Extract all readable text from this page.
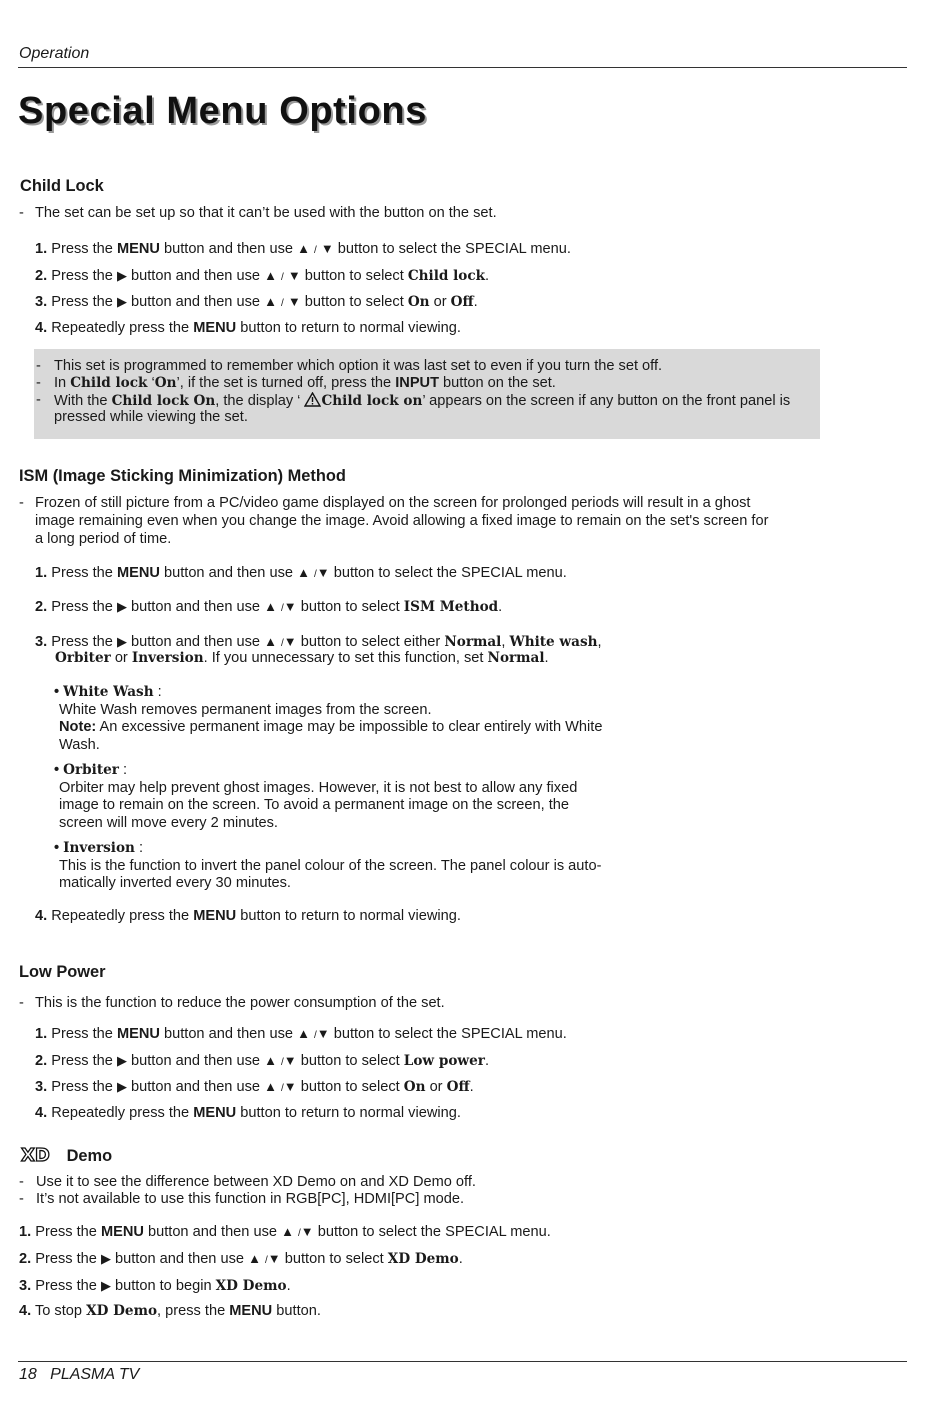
Operation
Special Menu Options
Child Lock
- The set can be set up so that it can’t be used with the button on the set.
1. Press the MENU button and then use ▲ / ▼ button to select the SPECIAL menu.
2. Press the ▶ button and then use ▲ / ▼ button to select Child lock.
3. Press the ▶ button and then use ▲ / ▼ button to select On or Off.
4. Repeatedly press the MENU button to return to normal viewing.
- This set is programmed to remember which option it was last set to even if you turn the set off.
- In Child lock ‘On’, if the set is turned off, press the INPUT button on the set.
- With the Child lock On, the display ‘ Child lock on’ appears on the screen if any button on the front panel is
pressed while viewing the set.
ISM (Image Sticking Minimization) Method
- Frozen of still picture from a PC/video game displayed on the screen for prolonged periods will result in a ghost
image remaining even when you change the image. Avoid allowing a fixed image to remain on the set's screen for
a long period of time.
1. Press the MENU button and then use ▲ /▼ button to select the SPECIAL menu.
2. Press the ▶ button and then use ▲ /▼ button to select ISM Method.
3. Press the ▶ button and then use ▲ /▼ button to select either Normal, White wash,
Orbiter or Inversion. If you unnecessary to set this function, set Normal.
• White Wash :
White Wash removes permanent images from the screen.
Note: An excessive permanent image may be impossible to clear entirely with White
Wash.
• Orbiter :
Orbiter may help prevent ghost images. However, it is not best to allow any fixed
image to remain on the screen. To avoid a permanent image on the screen, the
screen will move every 2 minutes.
• Inversion :
This is the function to invert the panel colour of the screen. The panel colour is auto-
matically inverted every 30 minutes.
4. Repeatedly press the MENU button to return to normal viewing.
Low Power
- This is the function to reduce the power consumption of the set.
1. Press the MENU button and then use ▲ /▼ button to select the SPECIAL menu.
2. Press the ▶ button and then use ▲ /▼ button to select Low power.
3. Press the ▶ button and then use ▲ /▼ button to select On or Off.
4. Repeatedly press the MENU button to return to normal viewing.
XD Demo
- Use it to see the difference between XD Demo on and XD Demo off.
- It’s not available to use this function in RGB[PC], HDMI[PC] mode.
1. Press the MENU button and then use ▲ /▼ button to select the SPECIAL menu.
2. Press the ▶ button and then use ▲ /▼ button to select XD Demo.
3. Press the ▶ button to begin XD Demo.
4. To stop XD Demo, press the MENU button.
18 PLASMA TV
